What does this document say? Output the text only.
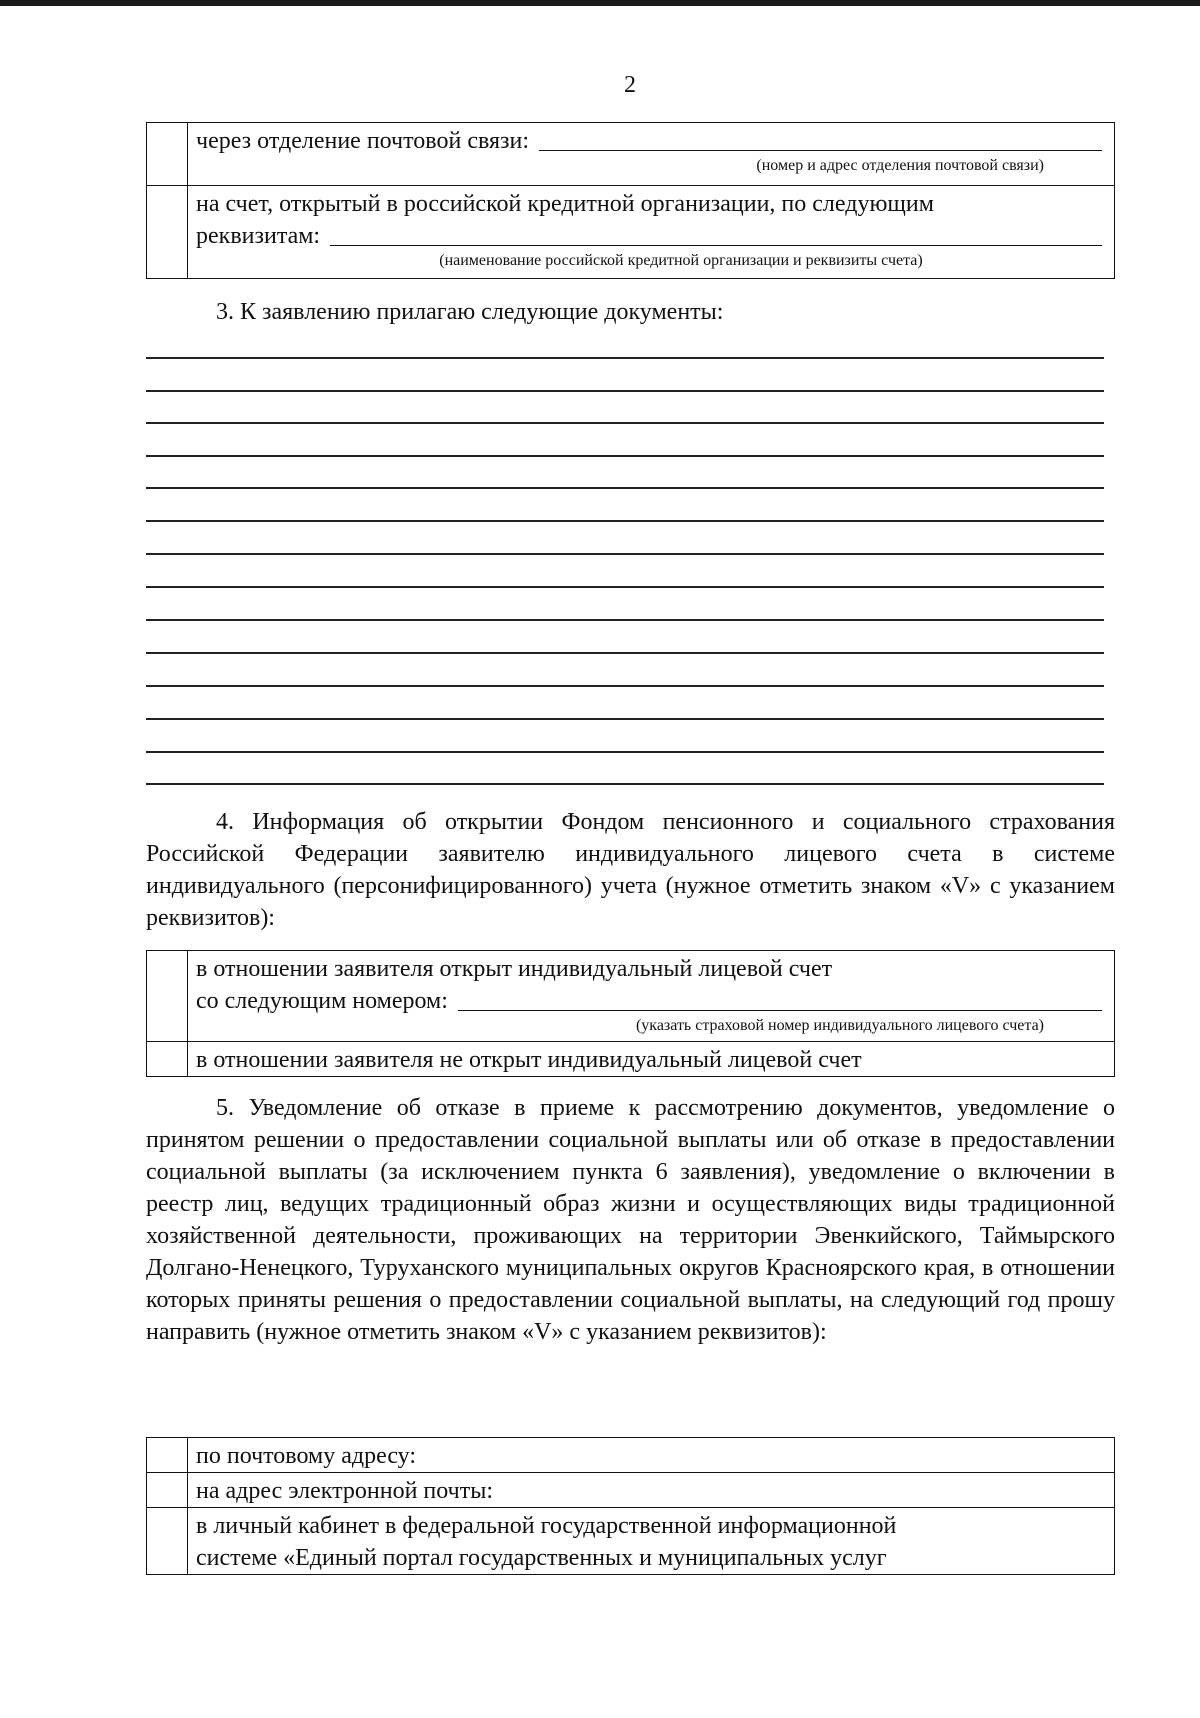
2

	через отделение почтовой связи:
(номер и адрес отделения почтовой связи)

	на счет, открытый в российской кредитной организации, по следующим
реквизитам:
(наименование российской кредитной организации и реквизиты счета)

3. К заявлению прилагаю следующие документы:

4. Информация об открытии Фондом пенсионного и социального страхования Российской Федерации заявителю индивидуального лицевого счета в системе индивидуального (персонифицированного) учета (нужное отметить знаком «V» с указанием реквизитов):

	в отношении заявителя открыт индивидуальный лицевой счет
со следующим номером:
(указать страховой номер индивидуального лицевого счета)

	в отношении заявителя не открыт индивидуальный лицевой счет

5. Уведомление об отказе в приеме к рассмотрению документов, уведомление о принятом решении о предоставлении социальной выплаты или об отказе в предоставлении социальной выплаты (за исключением пункта 6 заявления), уведомление о включении в реестр лиц, ведущих традиционный образ жизни и осуществляющих виды традиционной хозяйственной деятельности, проживающих на территории Эвенкийского, Таймырского Долгано-Ненецкого, Туруханского муниципальных округов Красноярского края, в отношении которых приняты решения о предоставлении социальной выплаты, на следующий год прошу направить (нужное отметить знаком «V» с указанием реквизитов):

	по почтовому адресу:

	на адрес электронной почты:

	в личный кабинет в федеральной государственной информационной
системе «Единый портал государственных и муниципальных услуг
